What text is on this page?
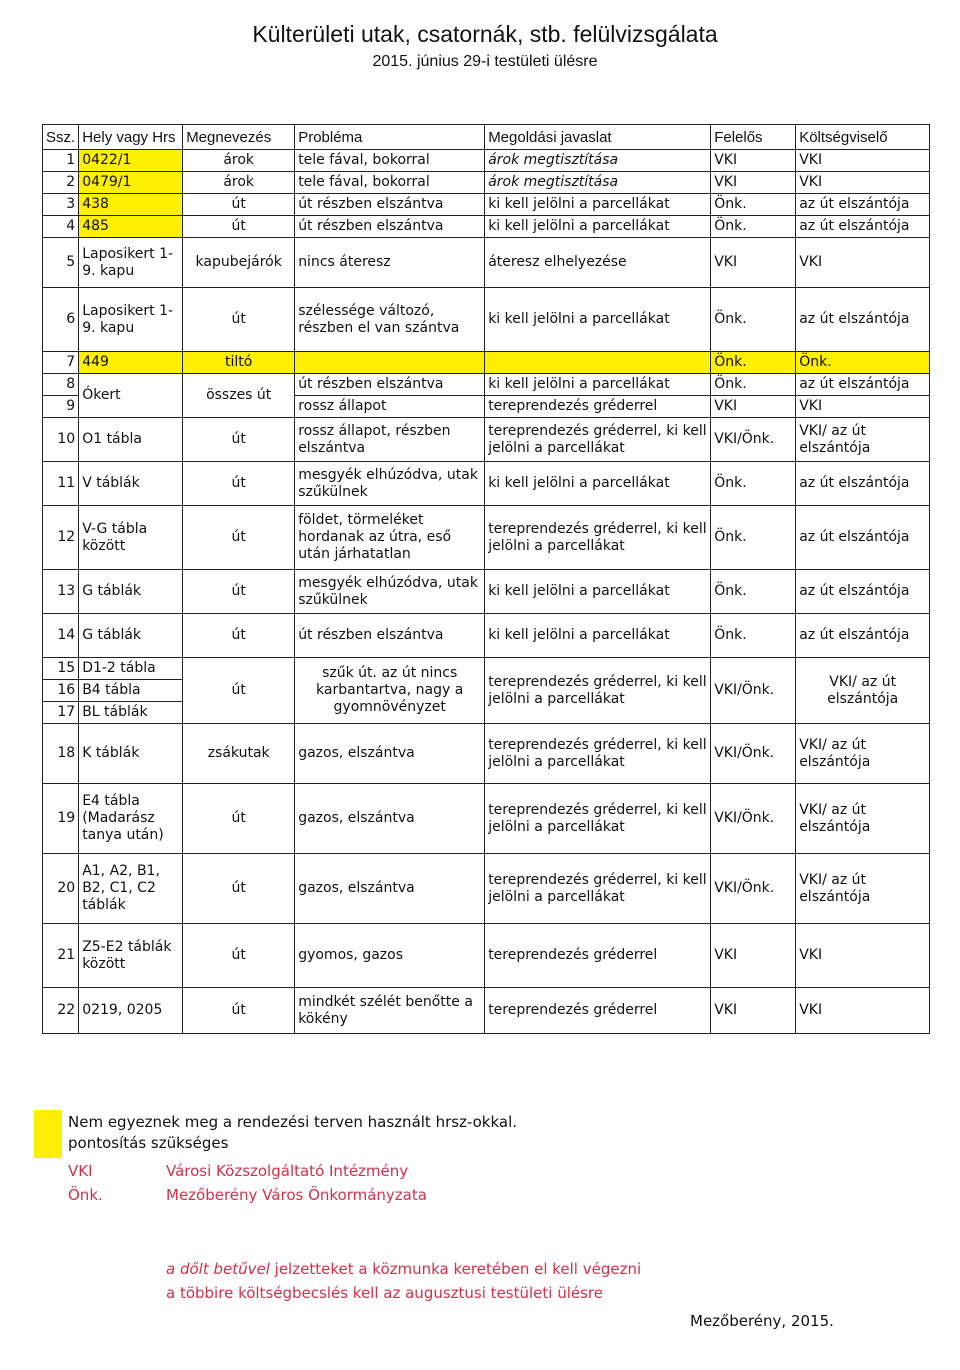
Külterületi utak, csatornák, stb. felülvizsgálata
2015. június 29-i testületi ülésre
Ssz.	Hely vagy Hrs	Megnevezés	Probléma	Megoldási javaslat	Felelős	Költségviselő
1	0422/1	árok	tele fával, bokorral	árok megtisztítása	VKI	VKI
2	0479/1	árok	tele fával, bokorral	árok megtisztítása	VKI	VKI
3	438	út	út részben elszántva	ki kell jelölni a parcellákat	Önk.	az út elszántója
4	485	út	út részben elszántva	ki kell jelölni a parcellákat	Önk.	az út elszántója
5	Laposikert 1-9. kapu	kapubejárók	nincs áteresz	áteresz elhelyezése	VKI	VKI
6	Laposikert 1-9. kapu	út	szélessége változó, részben el van szántva	ki kell jelölni a parcellákat	Önk.	az út elszántója
7	449	tiltó			Önk.	Önk.
8	Ókert	összes út	út részben elszántva	ki kell jelölni a parcellákat	Önk.	az út elszántója
9			rossz állapot	tereprendezés gréderrel	VKI	VKI
10	O1 tábla	út	rossz állapot, részben elszántva	tereprendezés gréderrel, ki kell jelölni a parcellákat	VKI/Önk.	VKI/ az út elszántója
11	V táblák	út	mesgyék elhúzódva, utak szűkülnek	ki kell jelölni a parcellákat	Önk.	az út elszántója
12	V-G tábla között	út	földet, törmeléket hordanak az útra, eső után járhatatlan	tereprendezés gréderrel, ki kell jelölni a parcellákat	Önk.	az út elszántója
13	G táblák	út	mesgyék elhúzódva, utak szűkülnek	ki kell jelölni a parcellákat	Önk.	az út elszántója
14	G táblák	út	út részben elszántva	ki kell jelölni a parcellákat	Önk.	az út elszántója
15	D1-2 tábla	út	szűk út. az út nincs karbantartva, nagy a gyomnövényzet	tereprendezés gréderrel, ki kell jelölni a parcellákat	VKI/Önk.	VKI/ az út elszántója
16	B4 tábla					
17	BL táblák					
18	K táblák	zsákutak	gazos, elszántva	tereprendezés gréderrel, ki kell jelölni a parcellákat	VKI/Önk.	VKI/ az út elszántója
19	E4 tábla (Madarász tanya után)	út	gazos, elszántva	tereprendezés gréderrel, ki kell jelölni a parcellákat	VKI/Önk.	VKI/ az út elszántója
20	A1, A2, B1, B2, C1, C2 táblák	út	gazos, elszántva	tereprendezés gréderrel, ki kell jelölni a parcellákat	VKI/Önk.	VKI/ az út elszántója
21	Z5-E2 táblák között	út	gyomos, gazos	tereprendezés gréderrel	VKI	VKI
22	0219, 0205	út	mindkét szélét benőtte a kökény	tereprendezés gréderrel	VKI	VKI
Nem egyeznek meg a rendezési terven használt hrsz-okkal.
pontosítás szükséges
VKI	Városi Közszolgáltató Intézmény
Önk.	Mezőberény Város Önkormányzata
a dőlt betűvel jelzetteket a közmunka keretében el kell végezni
a többire költségbecslés kell az augusztusi testületi ülésre
Mezőberény, 2015.
